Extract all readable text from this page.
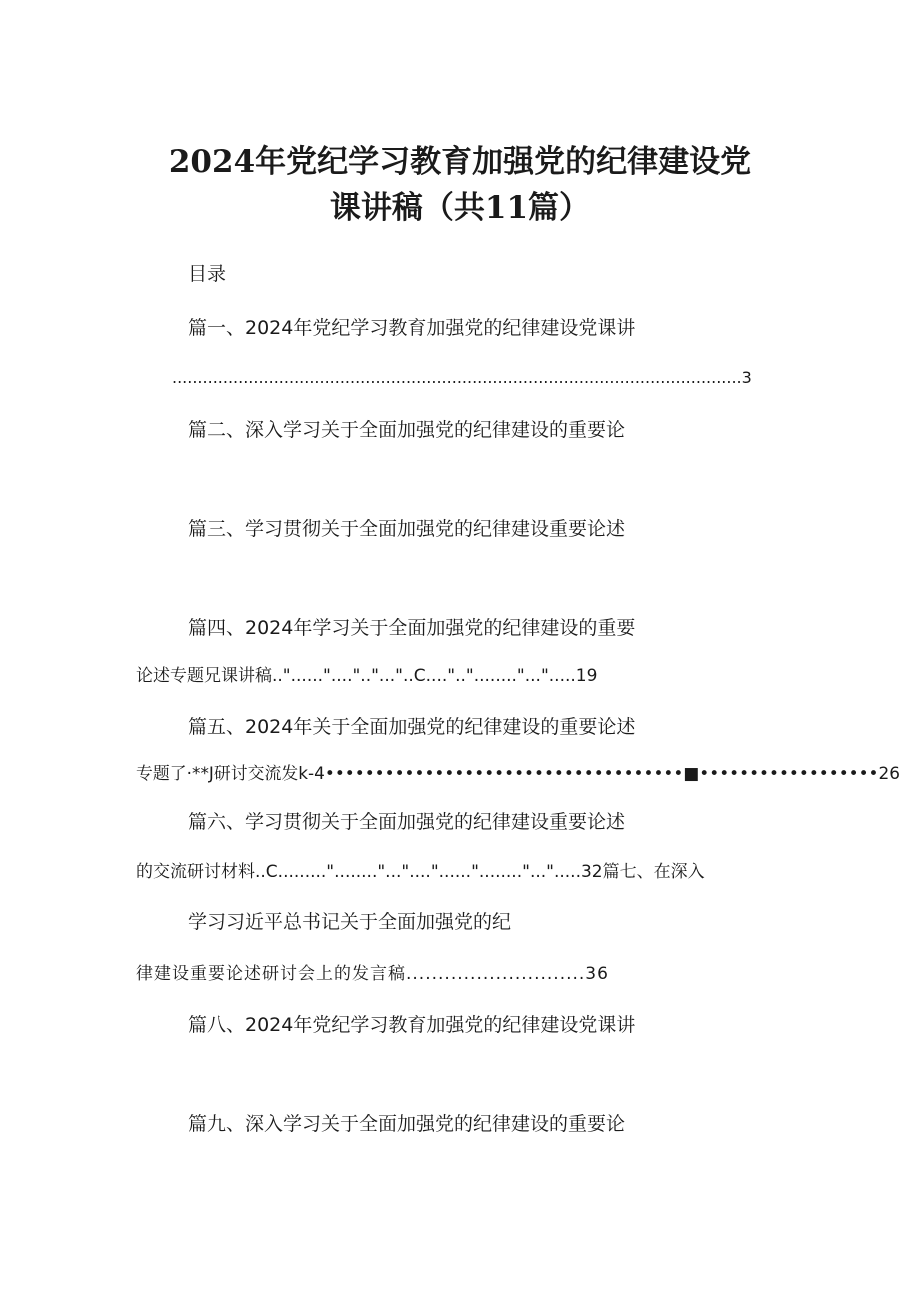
2024年党纪学习教育加强党的纪律建设党
课讲稿（共11篇）
目录
篇一、2024年党纪学习教育加强党的纪律建设党课讲
................................................................................................................3
篇二、深入学习关于全面加强党的纪律建设的重要论
篇三、学习贯彻关于全面加强党的纪律建设重要论述
篇四、2024年学习关于全面加强党的纪律建设的重要
论述专题兄课讲稿.."......"....".."..."..C....".."........"...".....19
篇五、2024年关于全面加强党的纪律建设的重要论述
专题了·**J研讨交流发k-4••••••••••••••••••••••••••••••••••••■••••••••••••••••••26
篇六、学习贯彻关于全面加强党的纪律建设重要论述
的交流研讨材料..C........."........"..."...."......"........"...".....32篇七、在深入
学习习近平总书记关于全面加强党的纪
律建设重要论述研讨会上的发言稿............................36
篇八、2024年党纪学习教育加强党的纪律建设党课讲
篇九、深入学习关于全面加强党的纪律建设的重要论
